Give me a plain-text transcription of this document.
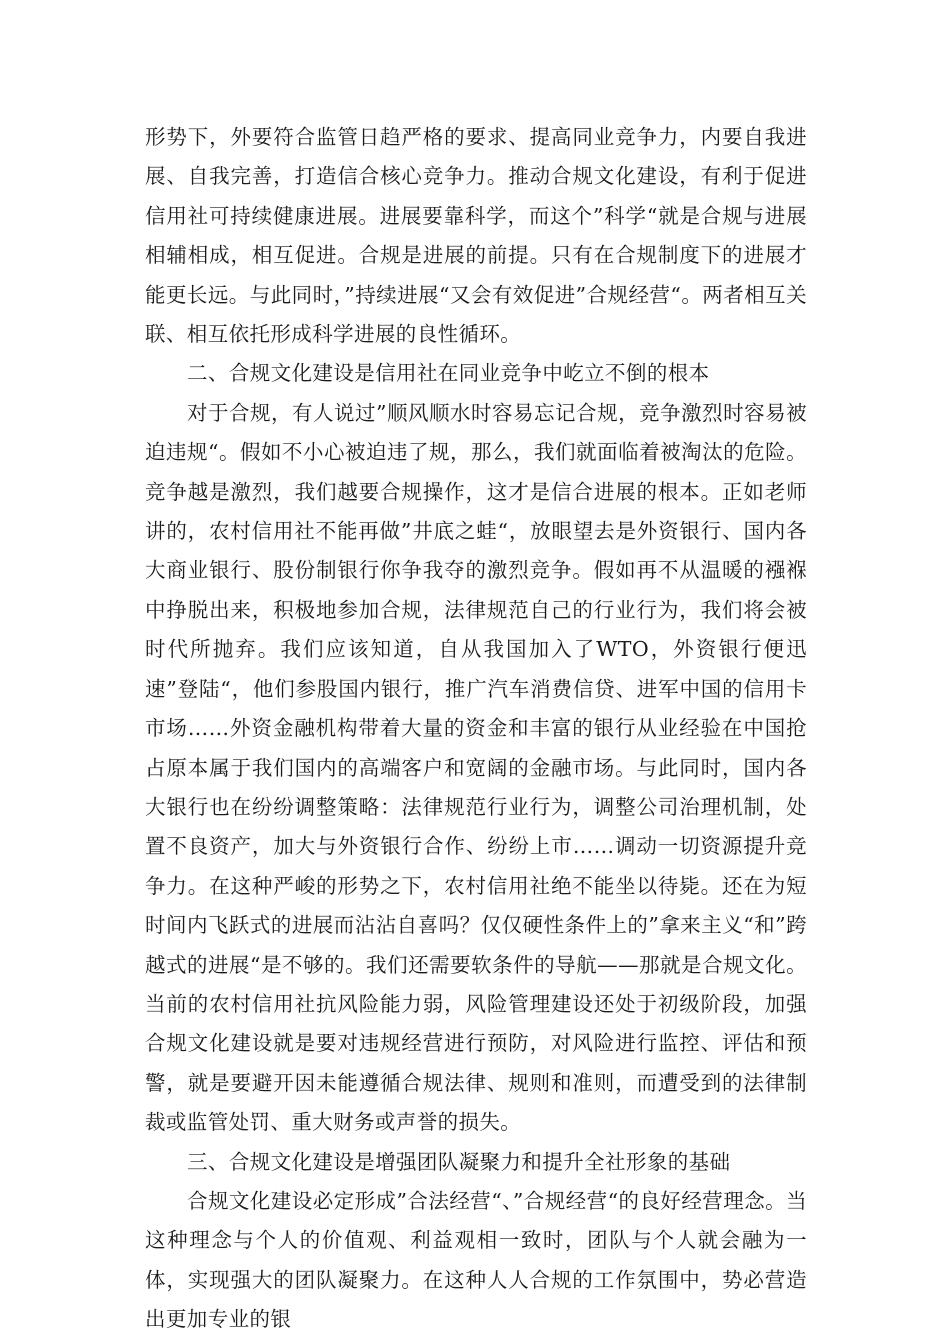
形势下，外要符合监管日趋严格的要求、提高同业竞争力，内要自我进展、自我完善，打造信合核心竞争力。推动合规文化建设，有利于促进信用社可持续健康进展。进展要靠科学，而这个”科学“就是合规与进展相辅相成，相互促进。合规是进展的前提。只有在合规制度下的进展才能更长远。与此同时，”持续进展“又会有效促进”合规经营“。两者相互关联、相互依托形成科学进展的良性循环。

二、合规文化建设是信用社在同业竞争中屹立不倒的根本

对于合规，有人说过”顺风顺水时容易忘记合规，竞争激烈时容易被迫违规“。假如不小心被迫违了规，那么，我们就面临着被淘汰的危险。竞争越是激烈，我们越要合规操作，这才是信合进展的根本。正如老师讲的，农村信用社不能再做”井底之蛙“，放眼望去是外资银行、国内各大商业银行、股份制银行你争我夺的激烈竞争。假如再不从温暖的襁褓中挣脱出来，积极地参加合规，法律规范自己的行业行为，我们将会被时代所抛弃。我们应该知道，自从我国加入了WTO，外资银行便迅速”登陆“，他们参股国内银行，推广汽车消费信贷、进军中国的信用卡市场……外资金融机构带着大量的资金和丰富的银行从业经验在中国抢占原本属于我们国内的高端客户和宽阔的金融市场。与此同时，国内各大银行也在纷纷调整策略：法律规范行业行为，调整公司治理机制，处置不良资产，加大与外资银行合作、纷纷上市……调动一切资源提升竞争力。在这种严峻的形势之下，农村信用社绝不能坐以待毙。还在为短时间内飞跃式的进展而沾沾自喜吗？仅仅硬性条件上的”拿来主义“和”跨越式的进展“是不够的。我们还需要软条件的导航——那就是合规文化。当前的农村信用社抗风险能力弱，风险管理建设还处于初级阶段，加强合规文化建设就是要对违规经营进行预防，对风险进行监控、评估和预警，就是要避开因未能遵循合规法律、规则和准则，而遭受到的法律制裁或监管处罚、重大财务或声誉的损失。

三、合规文化建设是增强团队凝聚力和提升全社形象的基础

合规文化建设必定形成”合法经营“、”合规经营“的良好经营理念。当这种理念与个人的价值观、利益观相一致时，团队与个人就会融为一体，实现强大的团队凝聚力。在这种人人合规的工作氛围中，势必营造出更加专业的银
